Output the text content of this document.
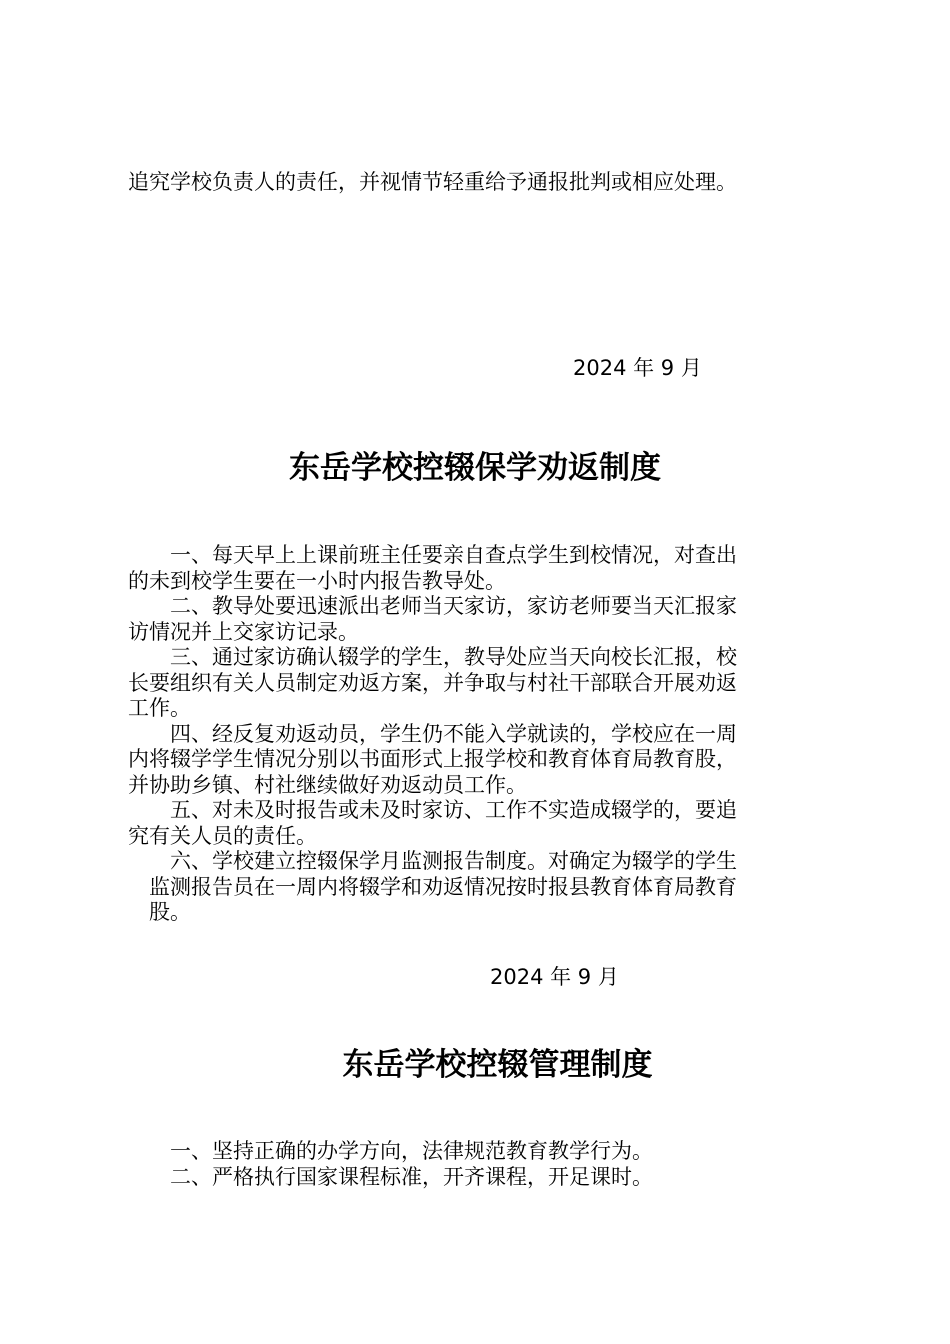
追究学校负责人的责任，并视情节轻重给予通报批判或相应处理。

2024 年 9 月

东岳学校控辍保学劝返制度

　　一、每天早上上课前班主任要亲自查点学生到校情况，对查出
的未到校学生要在一小时内报告教导处。

　　二、教导处要迅速派出老师当天家访，家访老师要当天汇报家
访情况并上交家访记录。

　　三、通过家访确认辍学的学生，教导处应当天向校长汇报，校
长要组织有关人员制定劝返方案，并争取与村社干部联合开展劝返
工作。

　　四、经反复劝返动员，学生仍不能入学就读的，学校应在一周
内将辍学学生情况分别以书面形式上报学校和教育体育局教育股，
并协助乡镇、村社继续做好劝返动员工作。

　　五、对未及时报告或未及时家访、工作不实造成辍学的，要追
究有关人员的责任。

　　六、学校建立控辍保学月监测报告制度。对确定为辍学的学生
　监测报告员在一周内将辍学和劝返情况按时报县教育体育局教育
　股。

2024 年 9 月

东岳学校控辍管理制度
　　一、坚持正确的办学方向，法律规范教育教学行为。
　　二、严格执行国家课程标准，开齐课程，开足课时。
